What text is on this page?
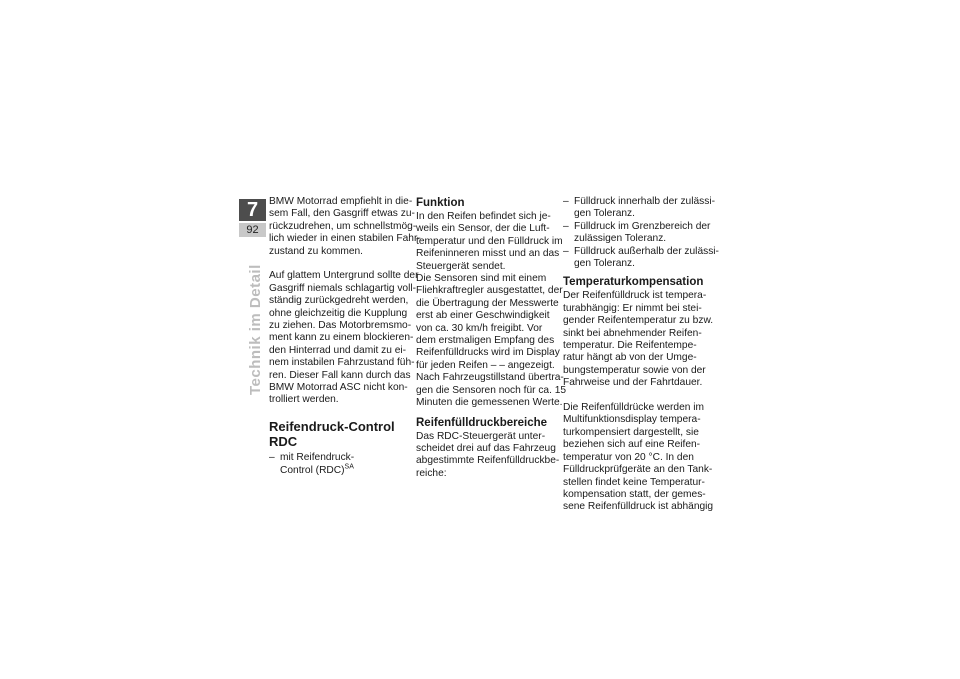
7
92
Technik im Detail
BMW Motorrad empfiehlt in die-
sem Fall, den Gasgriff etwas zu-
rückzudrehen, um schnellstmög-
lich wieder in einen stabilen Fahr-
zustand zu kommen.
Auf glattem Untergrund sollte der
Gasgriff niemals schlagartig voll-
ständig zurückgedreht werden,
ohne gleichzeitig die Kupplung
zu ziehen. Das Motorbremsmo-
ment kann zu einem blockieren-
den Hinterrad und damit zu ei-
nem instabilen Fahrzustand füh-
ren. Dieser Fall kann durch das
BMW Motorrad ASC nicht kon-
trolliert werden.
Reifendruck-Control
RDC
– mit Reifendruck-
Control (RDC)$^{SA}$
Funktion
In den Reifen befindet sich je-
weils ein Sensor, der die Luft-
temperatur und den Fülldruck im
Reifeninneren misst und an das
Steuergerät sendet.
Die Sensoren sind mit einem
Fliehkraftregler ausgestattet, der
die Übertragung der Messwerte
erst ab einer Geschwindigkeit
von ca. 30 km/h freigibt. Vor
dem erstmaligen Empfang des
Reifenfülldrucks wird im Display
für jeden Reifen – – angezeigt.
Nach Fahrzeugstillstand übertra-
gen die Sensoren noch für ca. 15
Minuten die gemessenen Werte.
Reifenfülldruckbereiche
Das RDC-Steuergerät unter-
scheidet drei auf das Fahrzeug
abgestimmte Reifenfülldruckbe-
reiche:
– Fülldruck innerhalb der zulässi-
gen Toleranz.
– Fülldruck im Grenzbereich der
zulässigen Toleranz.
– Fülldruck außerhalb der zulässi-
gen Toleranz.
Temperaturkompensation
Der Reifenfülldruck ist tempera-
turabhängig: Er nimmt bei stei-
gender Reifentemperatur zu bzw.
sinkt bei abnehmender Reifen-
temperatur. Die Reifentempe-
ratur hängt ab von der Umge-
bungstemperatur sowie von der
Fahrweise und der Fahrtdauer.
Die Reifenfülldrücke werden im
Multifunktionsdisplay tempera-
turkompensiert dargestellt, sie
beziehen sich auf eine Reifen-
temperatur von 20 °C. In den
Fülldruckprüfgeräte an den Tank-
stellen findet keine Temperatur-
kompensation statt, der gemes-
sene Reifenfülldruck ist abhängig
